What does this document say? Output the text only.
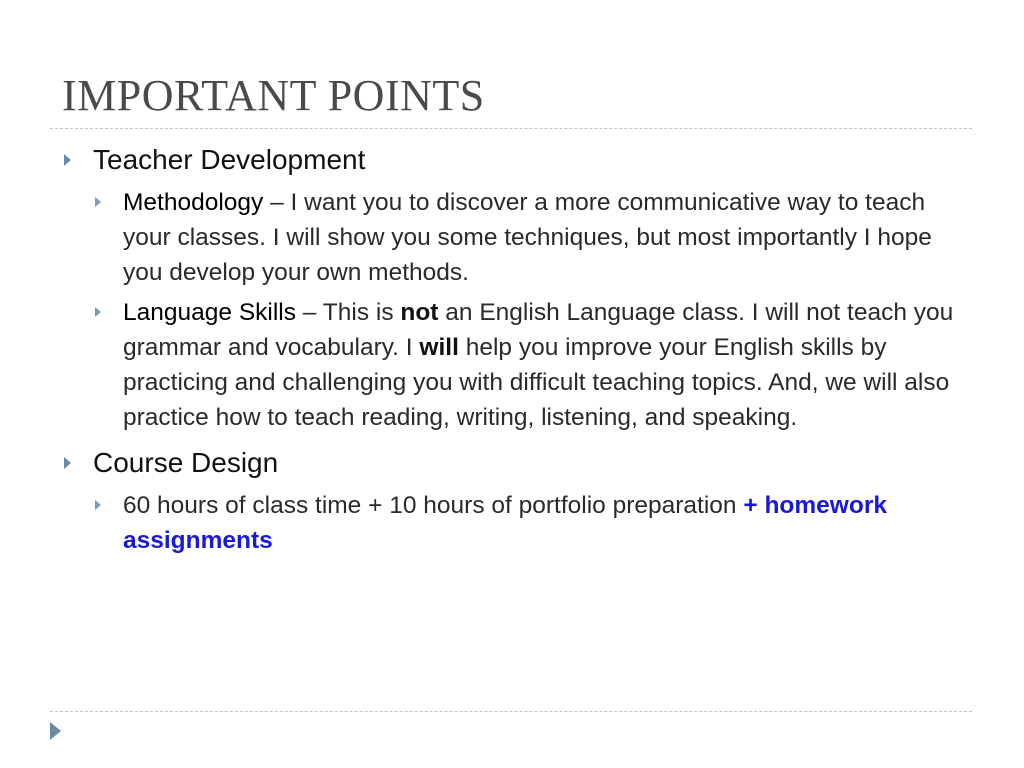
IMPORTANT POINTS
Teacher Development
Methodology – I want you to discover a more communicative way to teach your classes. I will show you some techniques, but most importantly I hope you develop your own methods.
Language Skills – This is not an English Language class. I will not teach you grammar and vocabulary. I will help you improve your English skills by practicing and challenging you with difficult teaching topics. And, we will also practice how to teach reading, writing, listening, and speaking.
Course Design
60 hours of class time + 10 hours of portfolio preparation + homework assignments
